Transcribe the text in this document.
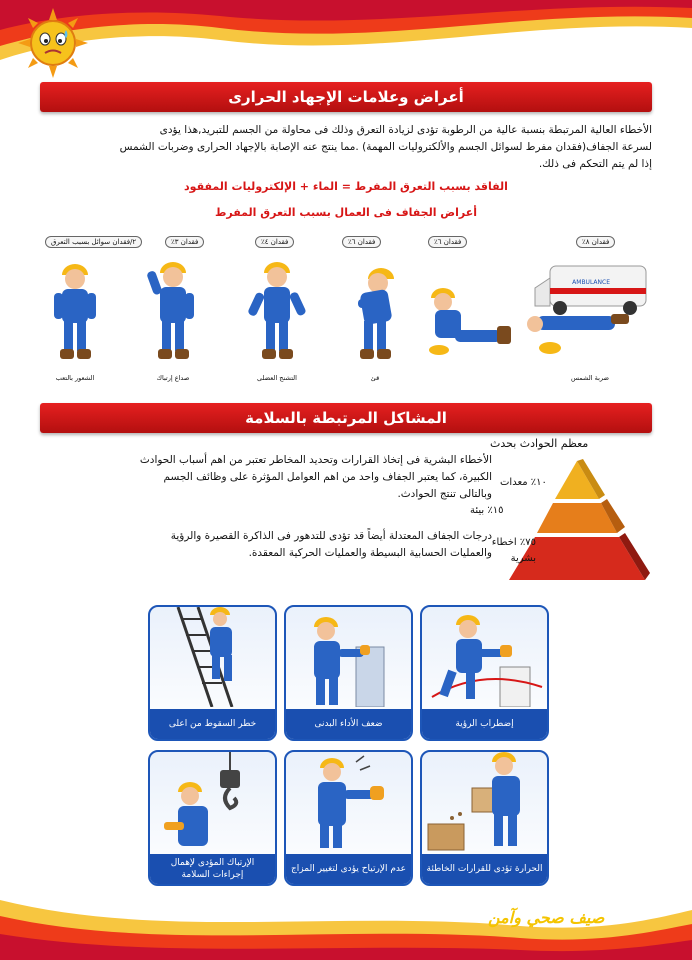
أعراض وعلامات الإجهاد الحرارى
الأخطاء العالية المرتبطة بنسبة عالية من الرطوبة تؤدى لزيادة التعرق وذلك فى محاولة من الجسم للتبريد,هذا يؤدى
لسرعة الجفاف(فقدان مفرط لسوائل الجسم والألكتروليات المهمة) .مما ينتج عنه الإصابة بالإجهاد الحرارى وضربات الشمس
إذا لم يتم التحكم فى ذلك.
الفاقد بسبب التعرق المفرط = الماء + الإلكتروليات المفقود
أعراض الجفاف فى العمال بسبب التعرق المفرط
٢/فقدان سوائل بسبب التعرق	فقدان ٣٪	فقدان ٤٪	فقدان ٦٪	فقدان ٦٪	فقدان ٨٪
AMBULANCE
الشعور بالتعب	صداع إرتباك	التشنج العضلى	قئ	ضربة الشمس
المشاكل المرتبطة بالسلامة
الأخطاء البشرية فى إتخاذ القرارات وتحديد المخاطر تعتبر من اهم أسباب الحوادث
الكبيرة، كما يعتبر الجفاف واحد من اهم العوامل المؤثرة على وظائف الجسم
وبالتالى تنتج الحوادث.
درجات الجفاف المعتدلة أيضاً قد تؤدى للتدهور فى الذاكرة القصيرة والرؤية
والعمليات الحسابية البسيطة والعمليات الحركية المعقدة.
معظم الحوادث بحدث
١٠٪ معدات
١٥٪ بيئة
٧٥٪ اخطاء بشرية
خطر السقوط من اعلى	ضعف الأداء البدنى	إضطراب الرؤية
الإرتباك المؤدى لإهمال إجراءات السلامة
عدم الإرتياح يؤدى لتغيير المزاج	الحرارة تؤدى للقرارات الخاطئة
صيف صحي وآمن
